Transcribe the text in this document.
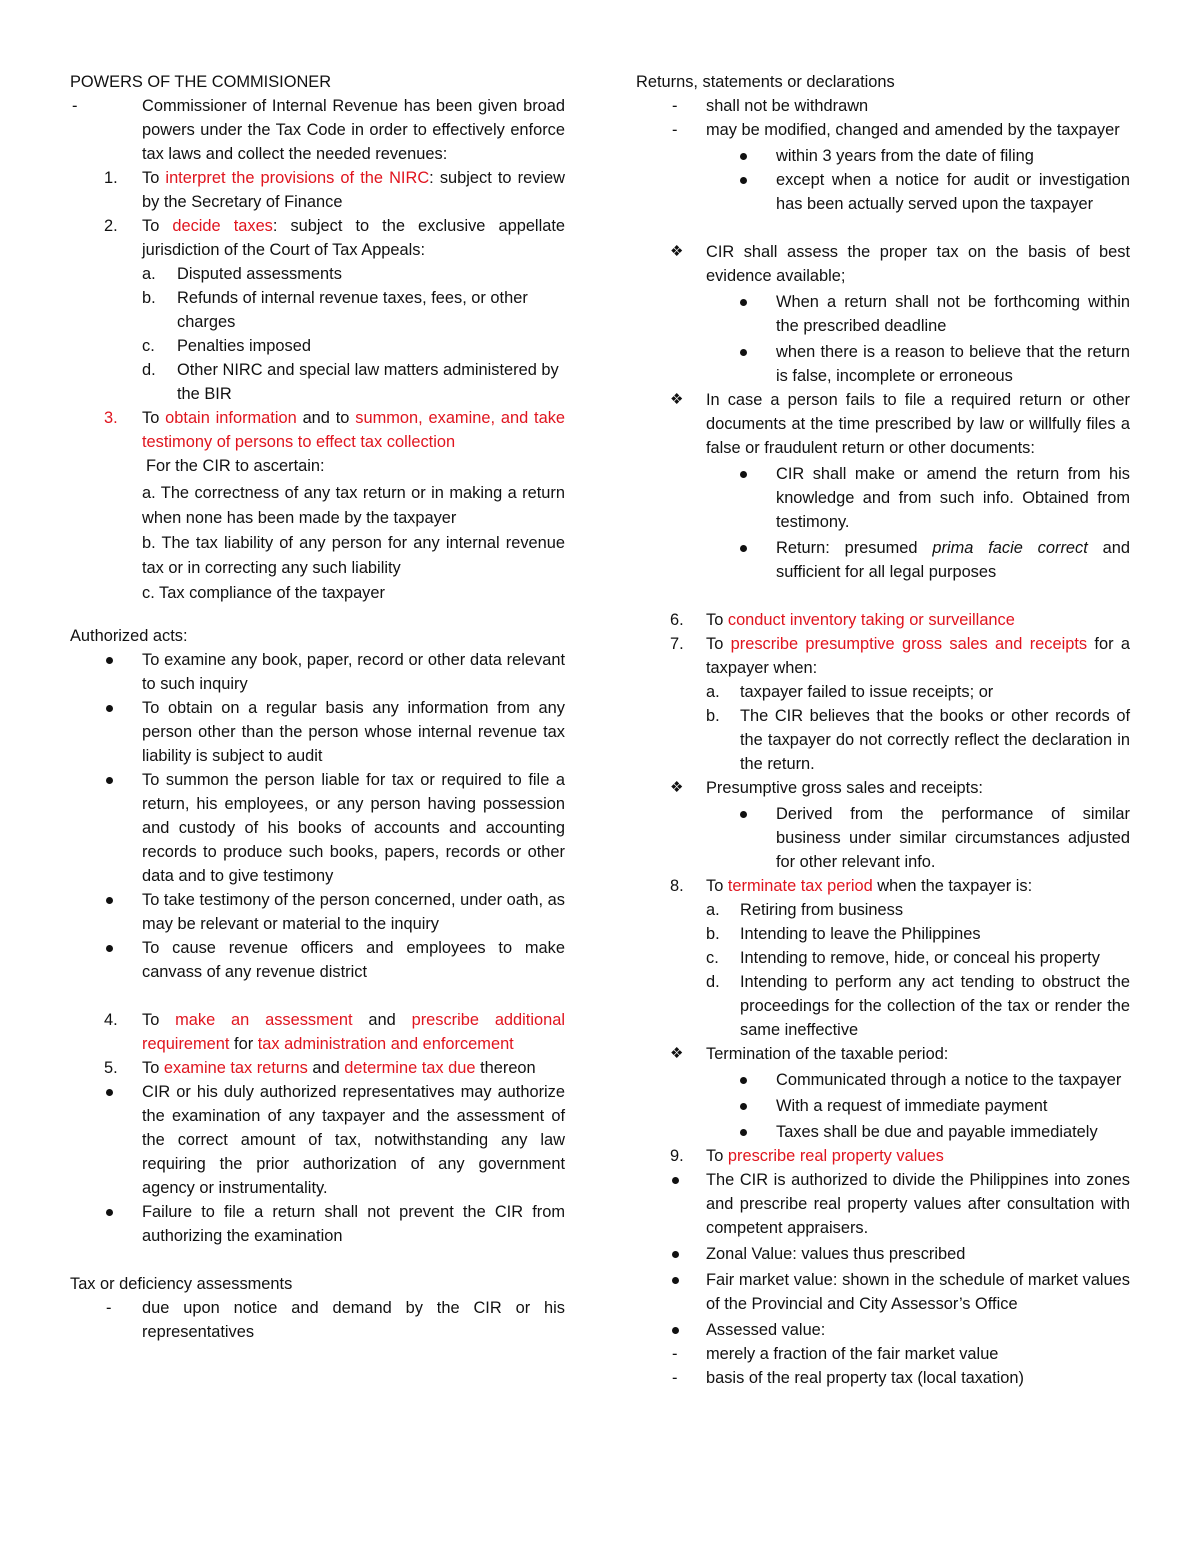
POWERS OF THE COMMISIONER

-	Commissioner of Internal Revenue has been given broad powers under the Tax Code in order to effectively enforce tax laws and collect the needed revenues:
1. To interpret the provisions of the NIRC: subject to review by the Secretary of Finance
2. To decide taxes: subject to the exclusive appellate jurisdiction of the Court of Tax Appeals:
a. Disputed assessments
b. Refunds of internal revenue taxes, fees, or other charges
c. Penalties imposed
d. Other NIRC and special law matters administered by the BIR
3. To obtain information and to summon, examine, and take testimony of persons to effect tax collection
For the CIR to ascertain:
a. The correctness of any tax return or in making a return when none has been made by the taxpayer
b. The tax liability of any person for any internal revenue tax or in correcting any such liability
c. Tax compliance of the taxpayer

Authorized acts:

To examine any book, paper, record or other data relevant to such inquiry
To obtain on a regular basis any information from any person other than the person whose internal revenue tax liability is subject to audit
To summon the person liable for tax or required to file a return, his employees, or any person having possession and custody of his books of accounts and accounting records to produce such books, papers, records or other data and to give testimony
To take testimony of the person concerned, under oath, as may be relevant or material to the inquiry
To cause revenue officers and employees to make canvass of any revenue district
4. To make an assessment and prescribe additional requirement for tax administration and enforcement
5. To examine tax returns and determine tax due thereon
CIR or his duly authorized representatives may authorize the examination of any taxpayer and the assessment of the correct amount of tax, notwithstanding any law requiring the prior authorization of any government agency or instrumentality.
Failure to file a return shall not prevent the CIR from authorizing the examination

Tax or deficiency assessments

- due upon notice and demand by the CIR or his representatives

Returns, statements or declarations

- shall not be withdrawn
- may be modified, changed and amended by the taxpayer
within 3 years from the date of filing
except when a notice for audit or investigation has been actually served upon the taxpayer
❖ CIR shall assess the proper tax on the basis of best evidence available;
When a return shall not be forthcoming within the prescribed deadline
when there is a reason to believe that the return is false, incomplete or erroneous
❖ In case a person fails to file a required return or other documents at the time prescribed by law or willfully files a false or fraudulent return or other documents:
CIR shall make or amend the return from his knowledge and from such info. Obtained from testimony.
Return: presumed prima facie correct and sufficient for all legal purposes
6. To conduct inventory taking or surveillance
7. To prescribe presumptive gross sales and receipts for a taxpayer when:
a. taxpayer failed to issue receipts; or
b. The CIR believes that the books or other records of the taxpayer do not correctly reflect the declaration in the return.
❖ Presumptive gross sales and receipts:
Derived from the performance of similar business under similar circumstances adjusted for other relevant info.
8. To terminate tax period when the taxpayer is:
a. Retiring from business
b. Intending to leave the Philippines
c. Intending to remove, hide, or conceal his property
d. Intending to perform any act tending to obstruct the proceedings for the collection of the tax or render the same ineffective
❖ Termination of the taxable period:
Communicated through a notice to the taxpayer
With a request of immediate payment
Taxes shall be due and payable immediately
9. To prescribe real property values
The CIR is authorized to divide the Philippines into zones and prescribe real property values after consultation with competent appraisers.
Zonal Value: values thus prescribed
Fair market value: shown in the schedule of market values of the Provincial and City Assessor’s Office
Assessed value:
- merely a fraction of the fair market value
- basis of the real property tax (local taxation)
